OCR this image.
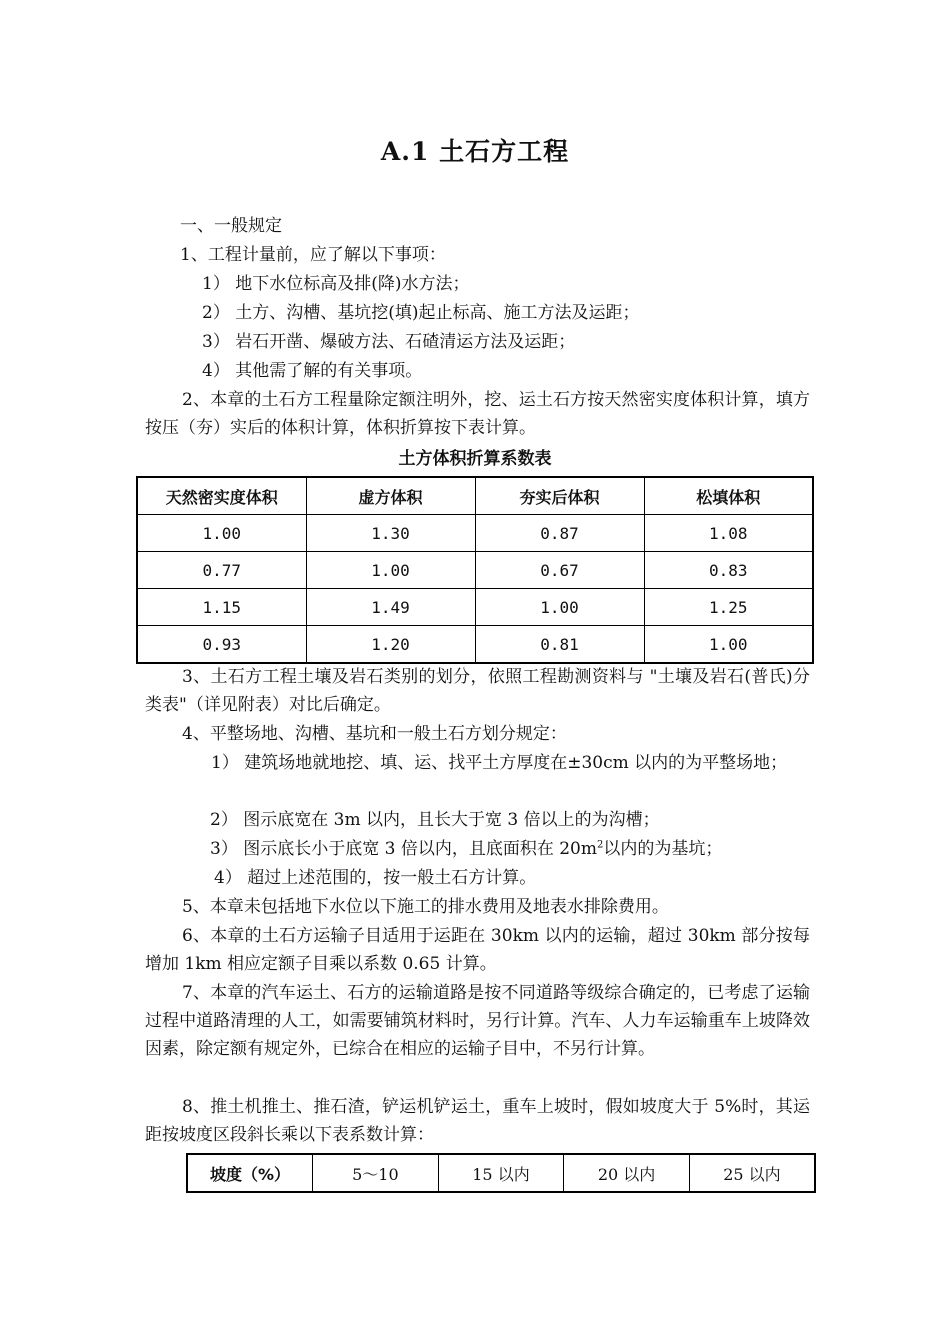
A.1 土石方工程
一、一般规定
1、工程计量前，应了解以下事项：
1） 地下水位标高及排(降)水方法；
2） 土方、沟槽、基坑挖(填)起止标高、施工方法及运距；
3） 岩石开凿、爆破方法、石碴清运方法及运距；
4） 其他需了解的有关事项。
2、本章的土石方工程量除定额注明外，挖、运土石方按天然密实度体积计算，填方按压（夯）实后的体积计算，体积折算按下表计算。
土方体积折算系数表
天然密实度体积	虚方体积	夯实后体积	松填体积
1.00	1.30	0.87	1.08
0.77	1.00	0.67	0.83
1.15	1.49	1.00	1.25
0.93	1.20	0.81	1.00
3、土石方工程土壤及岩石类别的划分，依照工程勘测资料与 "土壤及岩石(普氏)分类表"（详见附表）对比后确定。
4、平整场地、沟槽、基坑和一般土石方划分规定：
1） 建筑场地就地挖、填、运、找平土方厚度在±30cm 以内的为平整场地；
2） 图示底宽在 3m 以内，且长大于宽 3 倍以上的为沟槽；
3） 图示底长小于底宽 3 倍以内，且底面积在 $20m^2$以内的为基坑；
4） 超过上述范围的，按一般土石方计算。
5、本章未包括地下水位以下施工的排水费用及地表水排除费用。
6、本章的土石方运输子目适用于运距在 30km 以内的运输，超过 30km 部分按每增加 1km 相应定额子目乘以系数 0.65 计算。
7、本章的汽车运土、石方的运输道路是按不同道路等级综合确定的，已考虑了运输过程中道路清理的人工，如需要铺筑材料时，另行计算。汽车、人力车运输重车上坡降效因素，除定额有规定外，已综合在相应的运输子目中，不另行计算。
8、推土机推土、推石渣，铲运机铲运土，重车上坡时，假如坡度大于 5%时，其运距按坡度区段斜长乘以下表系数计算：
坡度（%）	5～10	15 以内	20 以内	25 以内
